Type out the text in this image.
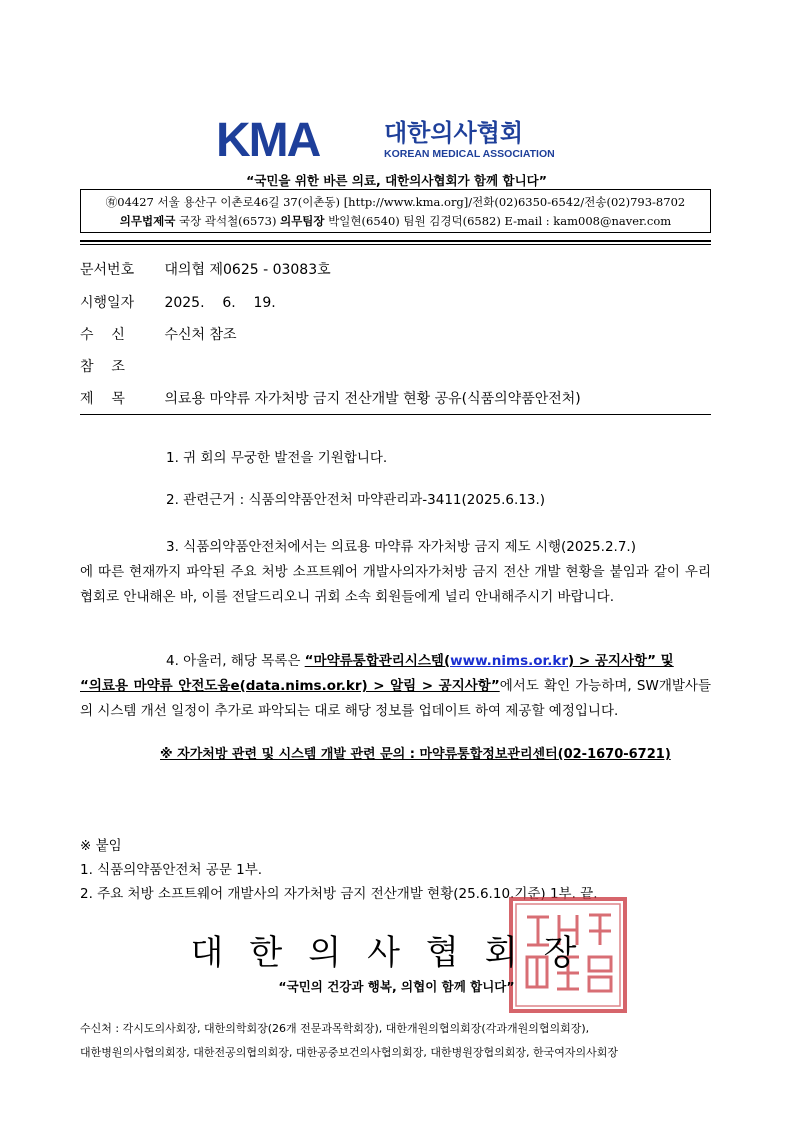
KMA	대한의사협회
KOREAN MEDICAL ASSOCIATION
“국민을 위한 바른 의료, 대한의사협회가 함께 합니다”
㊒04427 서울 용산구 이촌로46길 37(이촌동) [http://www.kma.org]/전화(02)6350-6542/전송(02)793-8702
의무법제국 국장 곽석철(6573) 의무팀장 박일현(6540) 팀원 김경덕(6582) E-mail : kam008@naver.com
문서번호 대의협 제0625 - 03083호
시행일자 2025.    6.    19.
수    신	수신처 참조
참    조
제    목	의료용 마약류 자가처방 금지 전산개발 현황 공유(식품의약품안전처)
1. 귀 회의 무궁한 발전을 기원합니다.
2. 관련근거 : 식품의약품안전처 마약관리과-3411(2025.6.13.)
3. 식품의약품안전처에서는 의료용 마약류 자가처방 금지 제도 시행(2025.2.7.)
에 따른 현재까지 파악된 주요 처방 소프트웨어 개발사의자가처방 금지 전산 개발 현황을 붙임과 같이 우리협회로 안내해온 바, 이를 전달드리오니 귀회 소속 회원들에게 널리 안내해주시기 바랍니다.
4. 아울러, 해당 목록은 “마약류통합관리시스템(www.nims.or.kr) > 공지사항” 및
“의료용 마약류 안전도움e(data.nims.or.kr) > 알림 > 공지사항”에서도 확인 가능하며, SW개발사들의 시스템 개선 일정이 추가로 파악되는 대로 해당 정보를 업데이트 하여 제공할 예정입니다.
※ 자가처방 관련 및 시스템 개발 관련 문의 : 마약류통합정보관리센터(02-1670-6721)
※ 붙임
1. 식품의약품안전처 공문 1부.
2. 주요 처방 소프트웨어 개발사의 자가처방 금지 전산개발 현황(25.6.10.기준) 1부. 끝.
대한의사협회장
“국민의 건강과 행복, 의협이 함께 합니다”
수신처 : 각시도의사회장, 대한의학회장(26개 전문과목학회장), 대한개원의협의회장(각과개원의협의회장),
대한병원의사협의회장, 대한전공의협의회장, 대한공중보건의사협의회장, 대한병원장협의회장, 한국여자의사회장
